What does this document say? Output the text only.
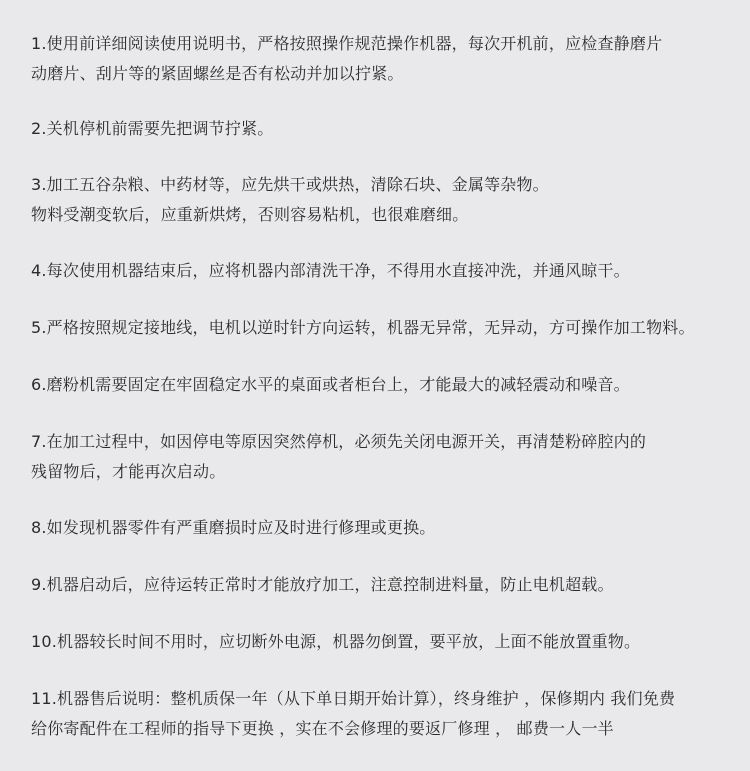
1.使用前详细阅读使用说明书，严格按照操作规范操作机器，每次开机前，应检查静磨片
动磨片、刮片等的紧固螺丝是否有松动并加以拧紧。
2.关机停机前需要先把调节拧紧。
3.加工五谷杂粮、中药材等，应先烘干或烘热，清除石块、金属等杂物。
物料受潮变软后，应重新烘烤，否则容易粘机，也很难磨细。
4.每次使用机器结束后，应将机器内部清洗干净，不得用水直接冲洗，并通风晾干。
5.严格按照规定接地线，电机以逆时针方向运转，机器无异常，无异动，方可操作加工物料。
6.磨粉机需要固定在牢固稳定水平的桌面或者柜台上，才能最大的减轻震动和噪音。
7.在加工过程中，如因停电等原因突然停机，必须先关闭电源开关，再清楚粉碎腔内的
残留物后，才能再次启动。
8.如发现机器零件有严重磨损时应及时进行修理或更换。
9.机器启动后，应待运转正常时才能放疗加工，注意控制进料量，防止电机超载。
10.机器较长时间不用时，应切断外电源，机器勿倒置，要平放，上面不能放置重物。
11.机器售后说明：整机质保一年（从下单日期开始计算），终身维护 ，保修期内 我们免费
给你寄配件在工程师的指导下更换 ，实在不会修理的要返厂修理 ， 邮费一人一半
